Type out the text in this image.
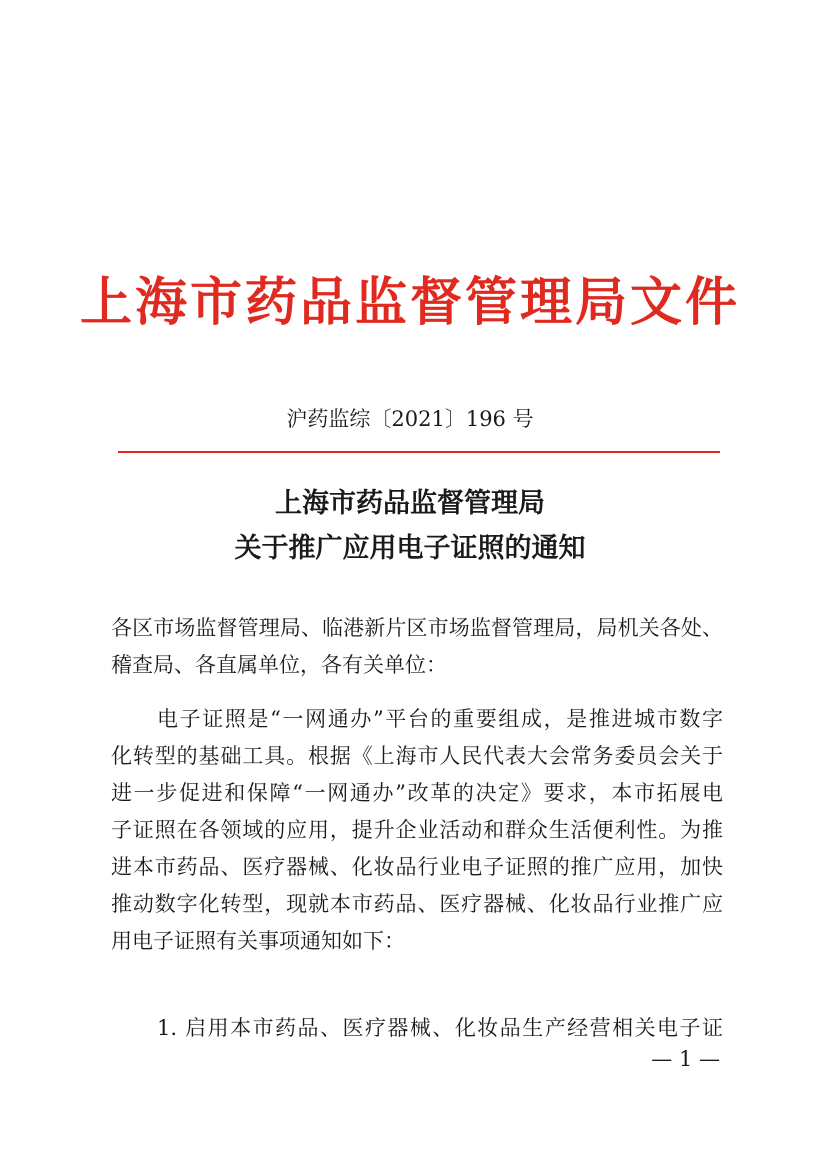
上海市药品监督管理局文件
沪药监综〔2021〕196 号
上海市药品监督管理局
关于推广应用电子证照的通知
各区市场监督管理局、临港新片区市场监督管理局，局机关各处、
稽查局、各直属单位，各有关单位：
电子证照是“一网通办”平台的重要组成，是推进城市数字
化转型的基础工具。根据《上海市人民代表大会常务委员会关于
进一步促进和保障“一网通办”改革的决定》要求，本市拓展电
子证照在各领域的应用，提升企业活动和群众生活便利性。为推
进本市药品、医疗器械、化妆品行业电子证照的推广应用，加快
推动数字化转型，现就本市药品、医疗器械、化妆品行业推广应
用电子证照有关事项通知如下：
1. 启用本市药品、医疗器械、化妆品生产经营相关电子证
— 1 —
